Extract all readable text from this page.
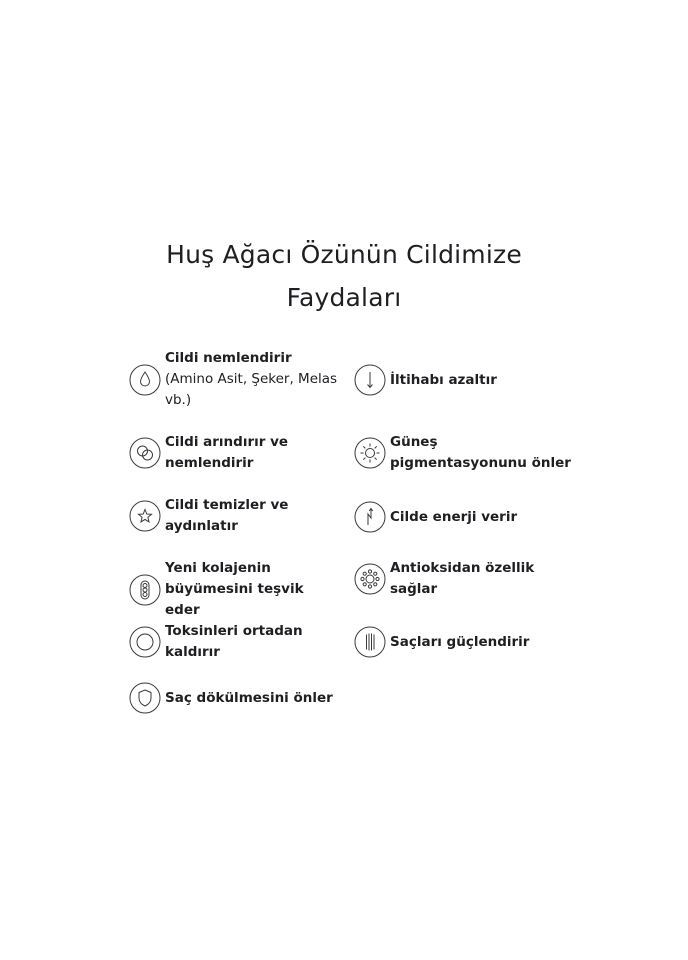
Huş Ağacı Özünün Cildimize
Faydaları
Cildi nemlendirir
(Amino Asit, Şeker, Melas
vb.)
Cildi arındırır ve
nemlendirir
Cildi temizler ve
aydınlatır
Yeni kolajenin
büyümesini teşvik eder
Toksinleri ortadan
kaldırır
Saç dökülmesini önler
İltihabı azaltır
Güneş
pigmentasyonunu önler
Cilde enerji verir
Antioksidan özellik
sağlar
Saçları güçlendirir
